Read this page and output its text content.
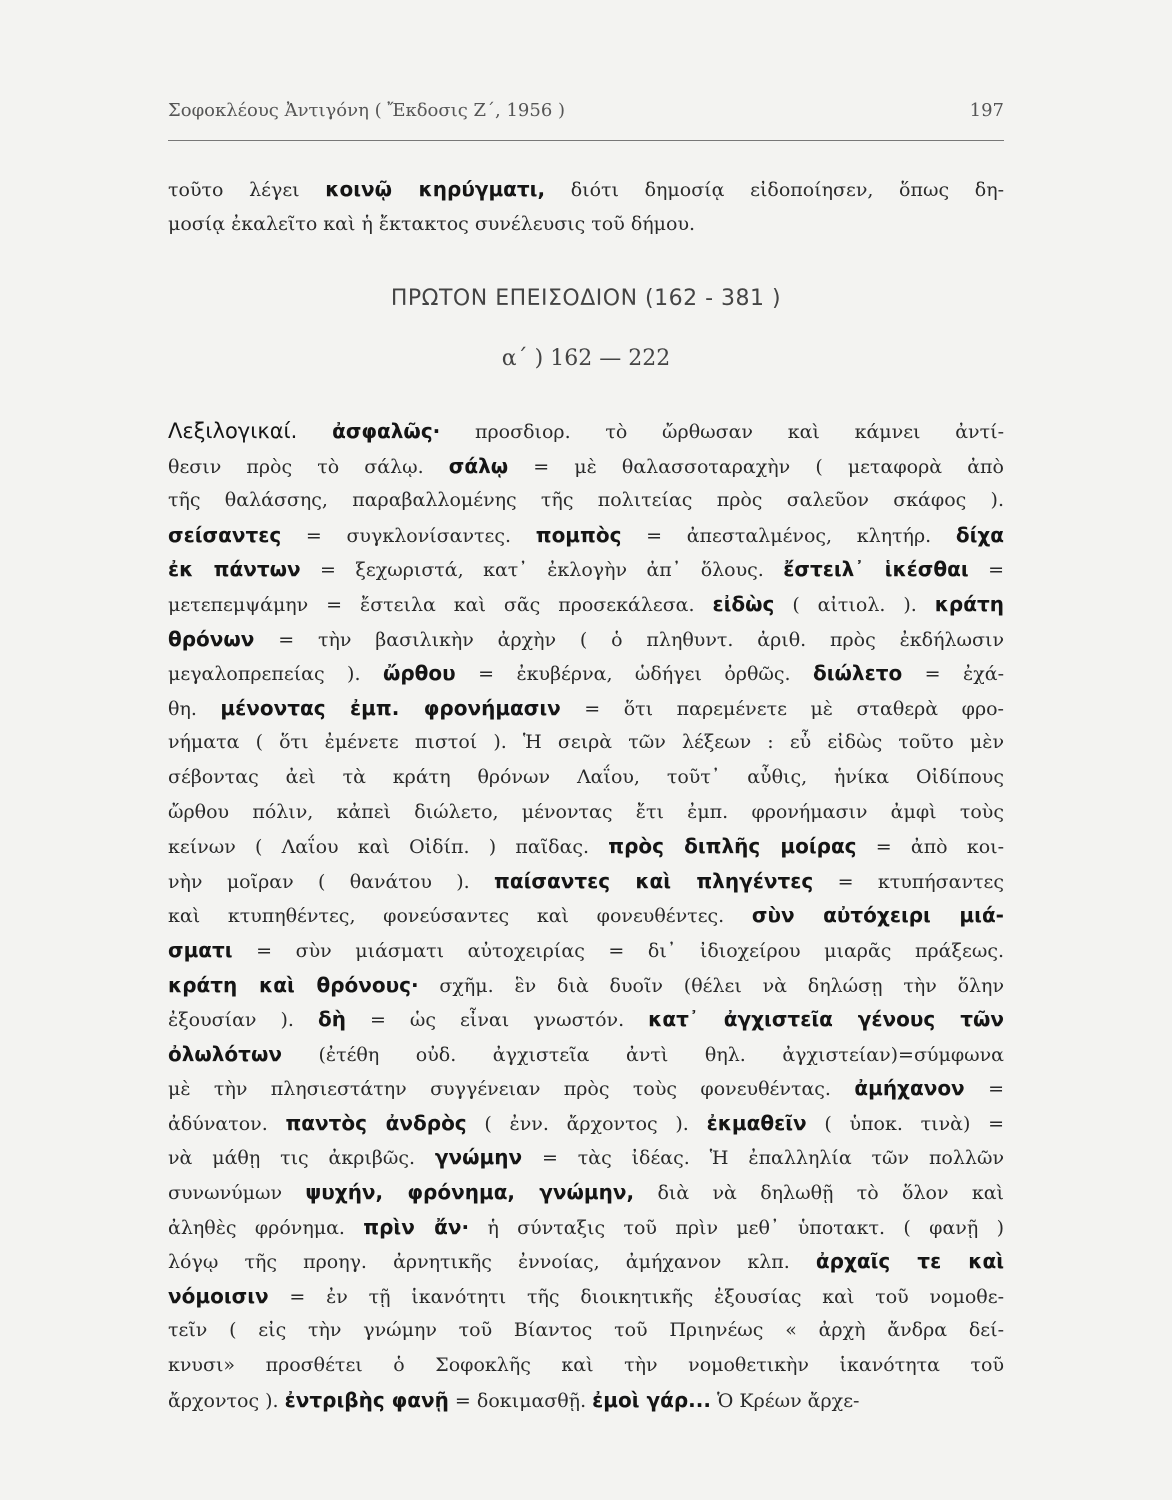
Σοφοκλέους Ἀντιγόνη ( Ἔκδοσις Ζ΄, 1956 )	197
τοῦτο λέγει κοινῷ κηρύγματι, διότι δημοσίᾳ εἰδοποίησεν, ὅπως δη-
μοσίᾳ ἐκαλεῖτο καὶ ἡ ἔκτακτος συνέλευσις τοῦ δήμου.
ΠΡΩΤΟΝ ΕΠΕΙΣΟΔΙΟΝ (162 - 381 )
α΄ ) 162 — 222
Λεξιλογικαί. ἀσφαλῶς· προσδιορ. τὸ ὤρθωσαν καὶ κάμνει ἀντί-
θεσιν πρὸς τὸ σάλῳ. σάλῳ = μὲ θαλασσοταραχὴν ( μεταφορὰ ἀπὸ
τῆς θαλάσσης, παραβαλλομένης τῆς πολιτείας πρὸς σαλεῦον σκάφος ).
σείσαντες = συγκλονίσαντες. πομπὸς = ἀπεσταλμένος, κλητήρ. δίχα
ἐκ πάντων = ξεχωριστά, κατ᾿ ἐκλογὴν ἀπ᾿ ὅλους. ἔστειλ᾿ ἱκέσθαι =
μετεπεμψάμην = ἔστειλα καὶ σᾶς προσεκάλεσα. εἰδὼς ( αἰτιολ. ). κράτη
θρόνων = τὴν βασιλικὴν ἀρχὴν ( ὁ πληθυντ. ἀριθ. πρὸς ἐκδήλωσιν
μεγαλοπρεπείας ). ὤρθου = ἐκυβέρνα, ὡδήγει ὀρθῶς. διώλετο = ἐχά-
θη. μένοντας ἐμπ. φρονήμασιν = ὅτι παρεμένετε μὲ σταθερὰ φρο-
νήματα ( ὅτι ἐμένετε πιστοί ). Ἡ σειρὰ τῶν λέξεων : εὖ εἰδὼς τοῦτο μὲν
σέβοντας ἀεὶ τὰ κράτη θρόνων Λαΐου, τοῦτ᾿ αὖθις, ἡνίκα Οἰδίπους
ὤρθου πόλιν, κἀπεὶ διώλετο, μένοντας ἔτι ἐμπ. φρονήμασιν ἀμφὶ τοὺς
κείνων ( Λαΐου καὶ Οἰδίπ. ) παῖδας. πρὸς διπλῆς μοίρας = ἀπὸ κοι-
νὴν μοῖραν ( θανάτου ). παίσαντες καὶ πληγέντες = κτυπήσαντες
καὶ κτυπηθέντες, φονεύσαντες καὶ φονευθέντες. σὺν αὐτόχειρι μιά-
σματι = σὺν μιάσματι αὐτοχειρίας = δι᾿ ἰδιοχείρου μιαρᾶς πράξεως.
κράτη καὶ θρόνους· σχῆμ. ἓν διὰ δυοῖν (θέλει νὰ δηλώσῃ τὴν ὅλην
ἐξουσίαν ). δὴ = ὡς εἶναι γνωστόν. κατ᾿ ἀγχιστεῖα γένους τῶν
ὀλωλότων (ἐτέθη οὐδ. ἀγχιστεῖα ἀντὶ θηλ. ἀγχιστείαν)=σύμφωνα
μὲ τὴν πλησιεστάτην συγγένειαν πρὸς τοὺς φονευθέντας. ἀμήχανον =
ἀδύνατον. παντὸς ἀνδρὸς ( ἐνν. ἄρχοντος ). ἐκμαθεῖν ( ὑποκ. τινὰ) =
νὰ μάθῃ τις ἀκριβῶς. γνώμην = τὰς ἰδέας. Ἡ ἐπαλληλία τῶν πολλῶν
συνωνύμων ψυχήν, φρόνημα, γνώμην, διὰ νὰ δηλωθῇ τὸ ὅλον καὶ
ἀληθὲς φρόνημα. πρὶν ἄν· ἡ σύνταξις τοῦ πρὶν μεθ᾿ ὑποτακτ. ( φανῇ )
λόγῳ τῆς προηγ. ἀρνητικῆς ἐννοίας, ἀμήχανον κλπ. ἀρχαῖς τε καὶ
νόμοισιν = ἐν τῇ ἱκανότητι τῆς διοικητικῆς ἐξουσίας καὶ τοῦ νομοθε-
τεῖν ( εἰς τὴν γνώμην τοῦ Βίαντος τοῦ Πριηνέως « ἀρχὴ ἄνδρα δεί-
κνυσι» προσθέτει ὁ Σοφοκλῆς καὶ τὴν νομοθετικὴν ἱκανότητα τοῦ
ἄρχοντος ). ἐντριβὴς φανῇ = δοκιμασθῇ. ἐμοὶ γάρ... Ὁ Κρέων ἄρχε-
